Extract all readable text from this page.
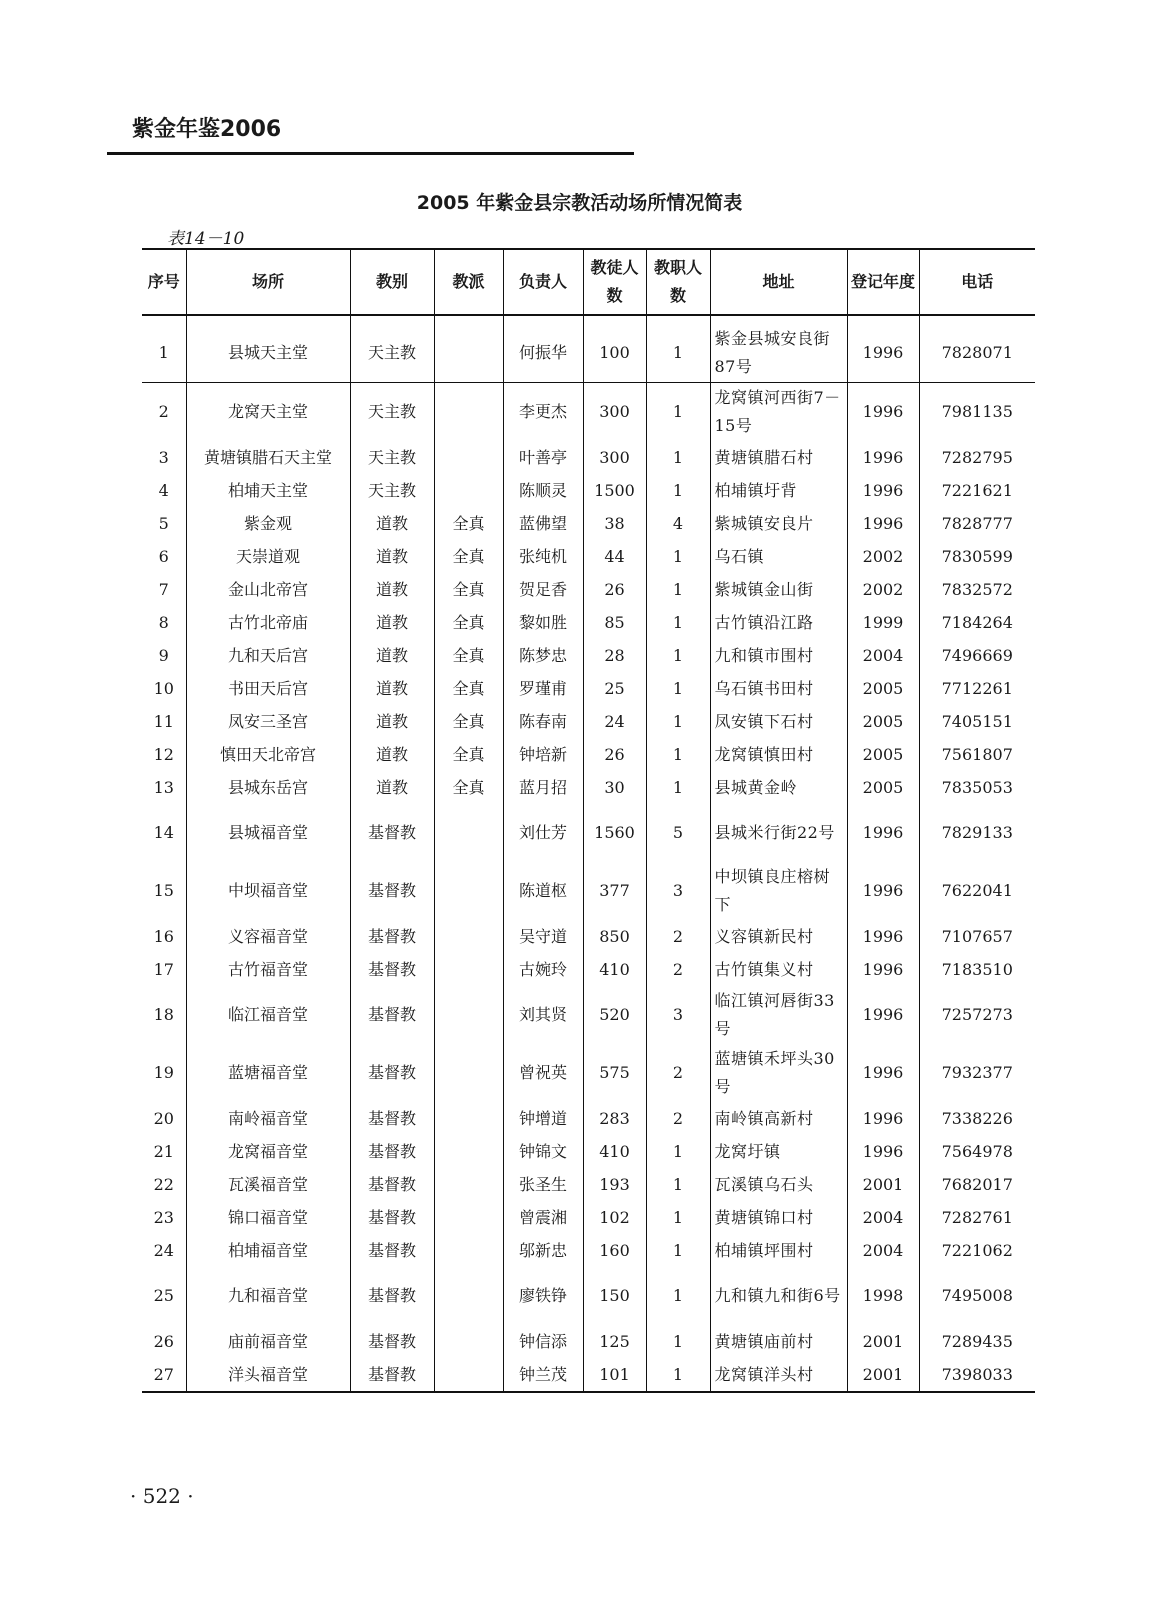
紫金年鉴2006
2005 年紫金县宗教活动场所情况简表
表14－10
序号	场所	教别	教派	负责人	教徒人数	教职人数	地址	登记年度	电话
1	县城天主堂	天主教		何振华	100	1	紫金县城安良街87号	1996	7828071
2	龙窝天主堂	天主教		李更杰	300	1	龙窝镇河西街7－15号	1996	7981135
3	黄塘镇腊石天主堂	天主教		叶善亭	300	1	黄塘镇腊石村	1996	7282795
4	柏埔天主堂	天主教		陈顺灵	1500	1	柏埔镇圩背	1996	7221621
5	紫金观	道教	全真	蓝佛望	38	4	紫城镇安良片	1996	7828777
6	天崇道观	道教	全真	张纯机	44	1	乌石镇	2002	7830599
7	金山北帝宫	道教	全真	贺足香	26	1	紫城镇金山街	2002	7832572
8	古竹北帝庙	道教	全真	黎如胜	85	1	古竹镇沿江路	1999	7184264
9	九和天后宫	道教	全真	陈梦忠	28	1	九和镇市围村	2004	7496669
10	书田天后宫	道教	全真	罗瑾甫	25	1	乌石镇书田村	2005	7712261
11	凤安三圣宫	道教	全真	陈春南	24	1	凤安镇下石村	2005	7405151
12	慎田天北帝宫	道教	全真	钟培新	26	1	龙窝镇慎田村	2005	7561807
13	县城东岳宫	道教	全真	蓝月招	30	1	县城黄金岭	2005	7835053
14	县城福音堂	基督教		刘仕芳	1560	5	县城米行街22号	1996	7829133
15	中坝福音堂	基督教		陈道枢	377	3	中坝镇良庄榕树下	1996	7622041
16	义容福音堂	基督教		吴守道	850	2	义容镇新民村	1996	7107657
17	古竹福音堂	基督教		古婉玲	410	2	古竹镇集义村	1996	7183510
18	临江福音堂	基督教		刘其贤	520	3	临江镇河唇街33号	1996	7257273
19	蓝塘福音堂	基督教		曾祝英	575	2	蓝塘镇禾坪头30号	1996	7932377
20	南岭福音堂	基督教		钟增道	283	2	南岭镇高新村	1996	7338226
21	龙窝福音堂	基督教		钟锦文	410	1	龙窝圩镇	1996	7564978
22	瓦溪福音堂	基督教		张圣生	193	1	瓦溪镇乌石头	2001	7682017
23	锦口福音堂	基督教		曾震湘	102	1	黄塘镇锦口村	2004	7282761
24	柏埔福音堂	基督教		邬新忠	160	1	柏埔镇坪围村	2004	7221062
25	九和福音堂	基督教		廖铁铮	150	1	九和镇九和街6号	1998	7495008
26	庙前福音堂	基督教		钟信添	125	1	黄塘镇庙前村	2001	7289435
27	洋头福音堂	基督教		钟兰茂	101	1	龙窝镇洋头村	2001	7398033
· 522 ·
